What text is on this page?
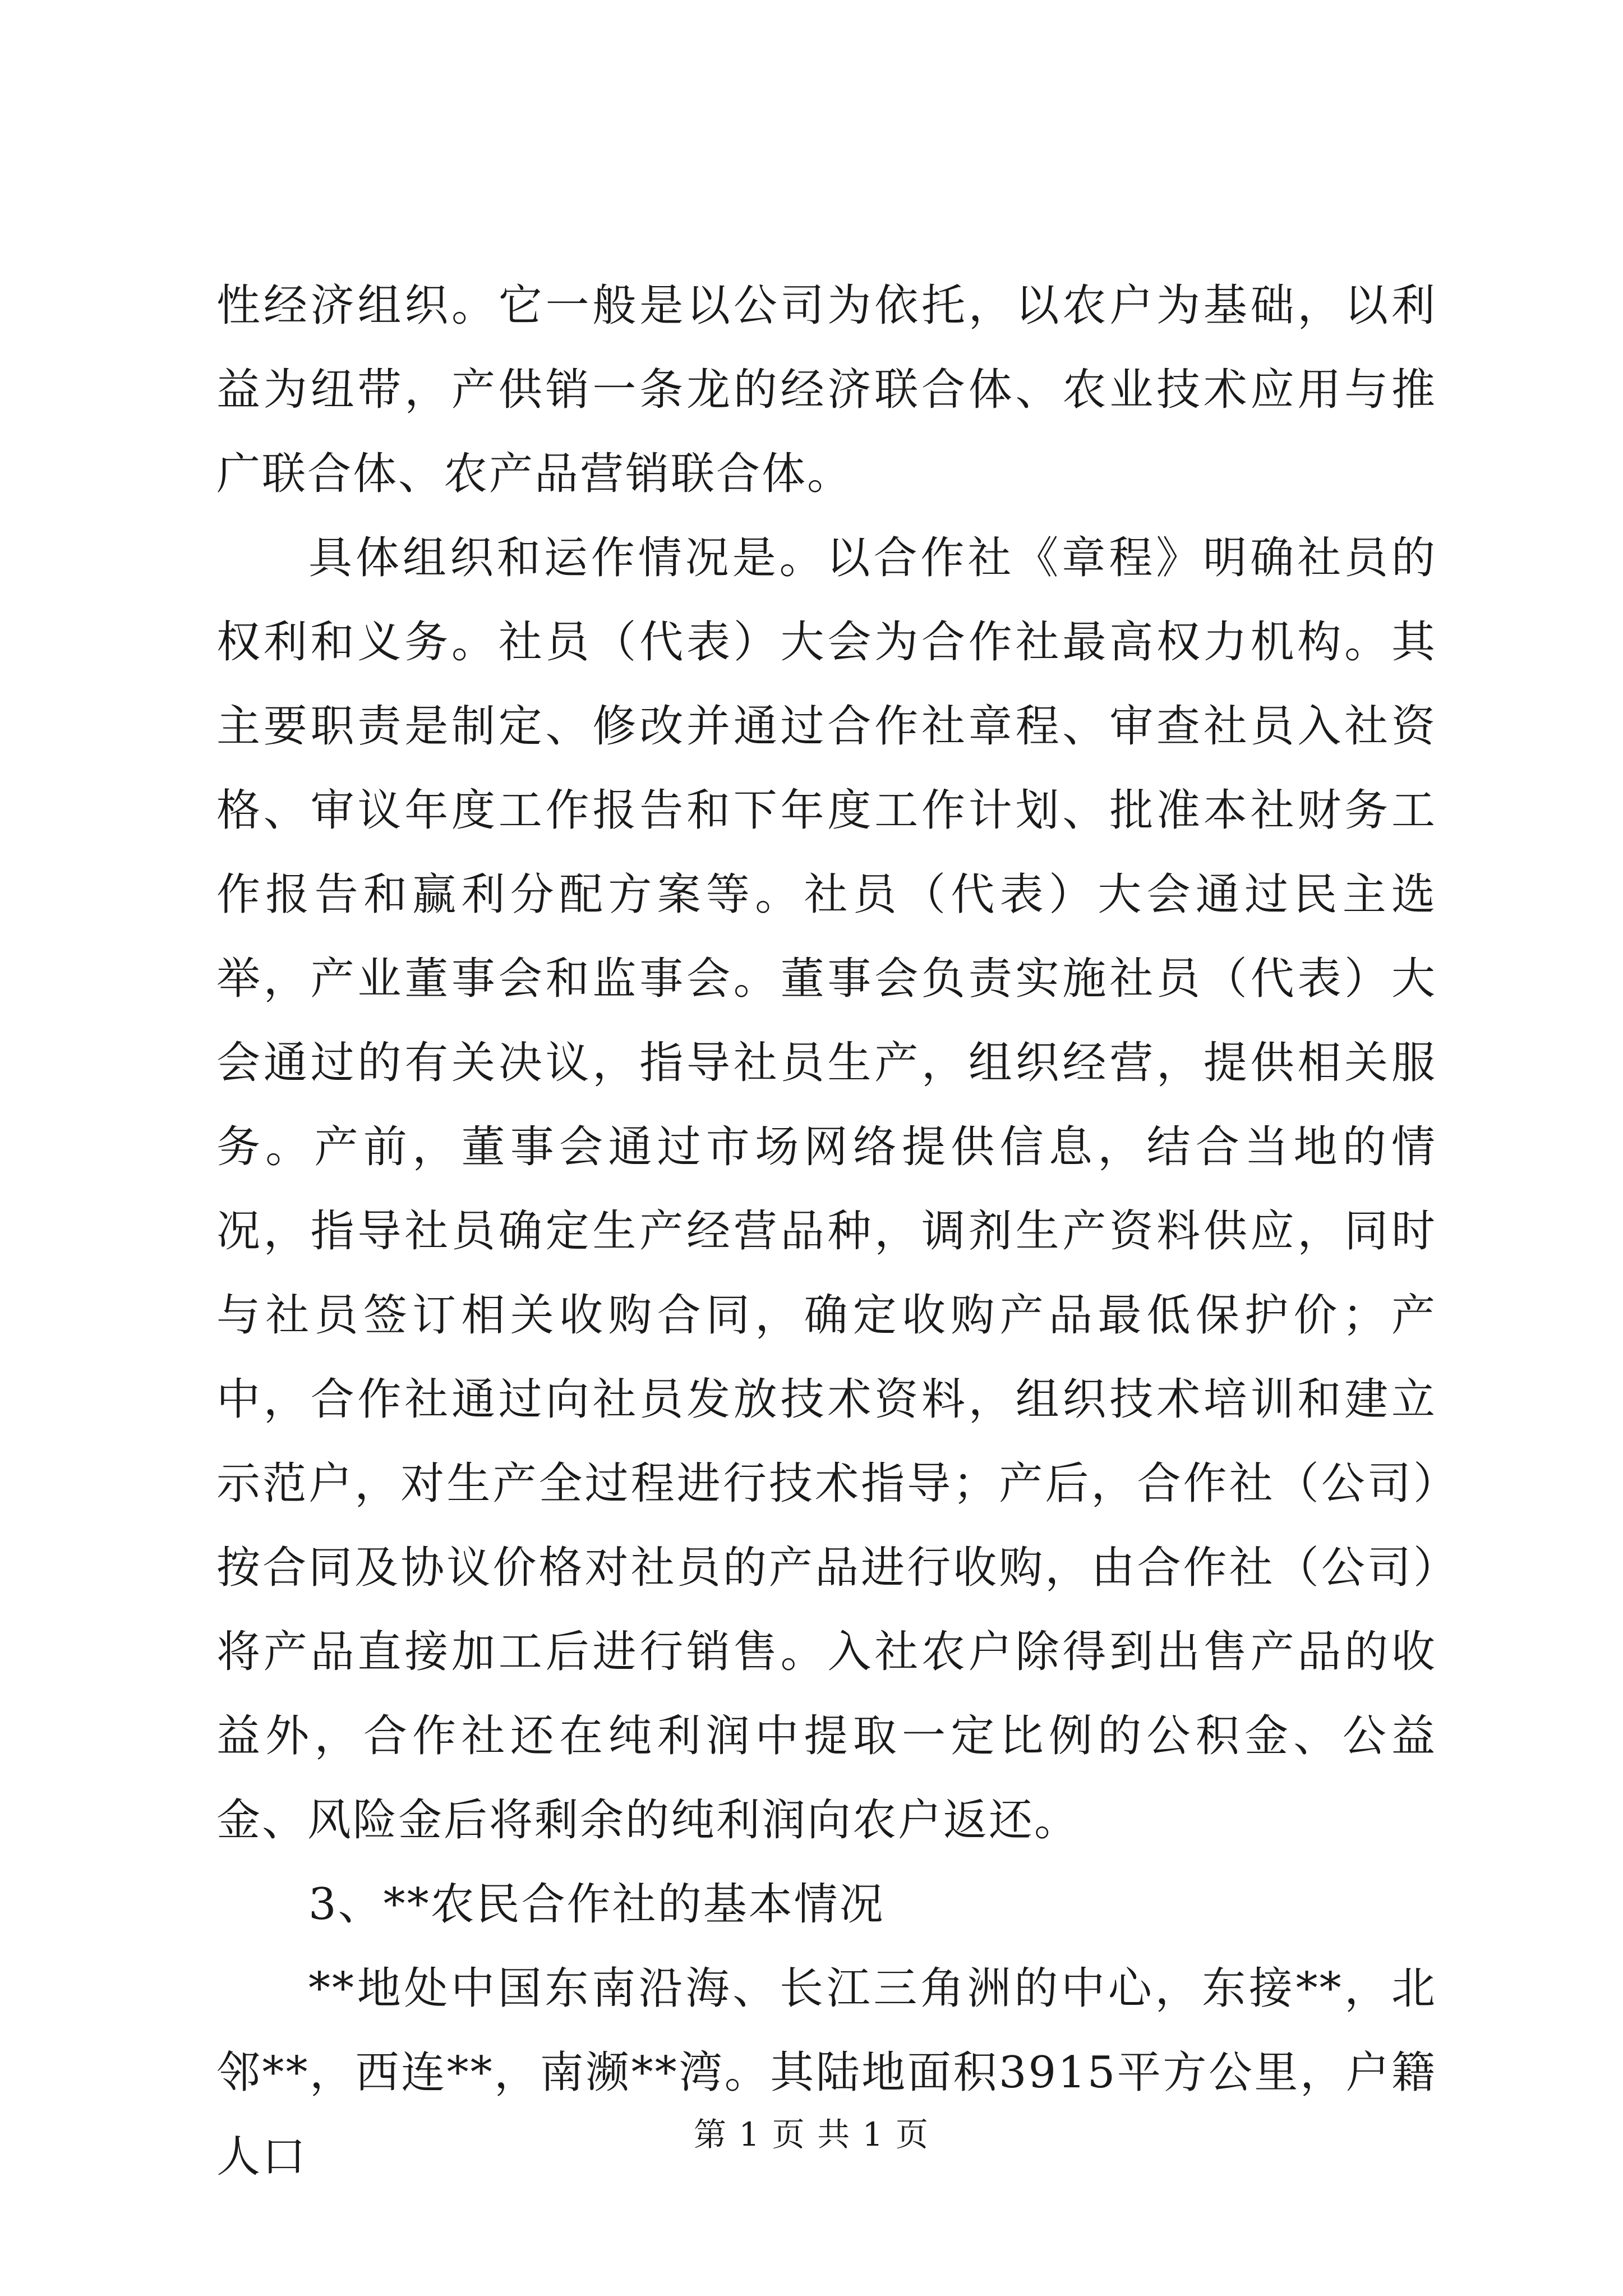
性经济组织。它一般是以公司为依托，以农户为基础，以利益为纽带，产供销一条龙的经济联合体、农业技术应用与推广联合体、农产品营销联合体。

具体组织和运作情况是。以合作社《章程》明确社员的权利和义务。社员（代表）大会为合作社最高权力机构。其主要职责是制定、修改并通过合作社章程、审查社员入社资格、审议年度工作报告和下年度工作计划、批准本社财务工作报告和赢利分配方案等。社员（代表）大会通过民主选举，产业董事会和监事会。董事会负责实施社员（代表）大会通过的有关决议，指导社员生产，组织经营，提供相关服务。产前，董事会通过市场网络提供信息，结合当地的情况，指导社员确定生产经营品种，调剂生产资料供应，同时与社员签订相关收购合同，确定收购产品最低保护价；产中，合作社通过向社员发放技术资料，组织技术培训和建立示范户，对生产全过程进行技术指导；产后，合作社（公司）按合同及协议价格对社员的产品进行收购，由合作社（公司）将产品直接加工后进行销售。入社农户除得到出售产品的收益外，合作社还在纯利润中提取一定比例的公积金、公益金、风险金后将剩余的纯利润向农户返还。

3、**农民合作社的基本情况

**地处中国东南沿海、长江三角洲的中心，东接**，北邻**，西连**，南濒**湾。其陆地面积3915平方公里，户籍人口	第 1 页 共 1 页
